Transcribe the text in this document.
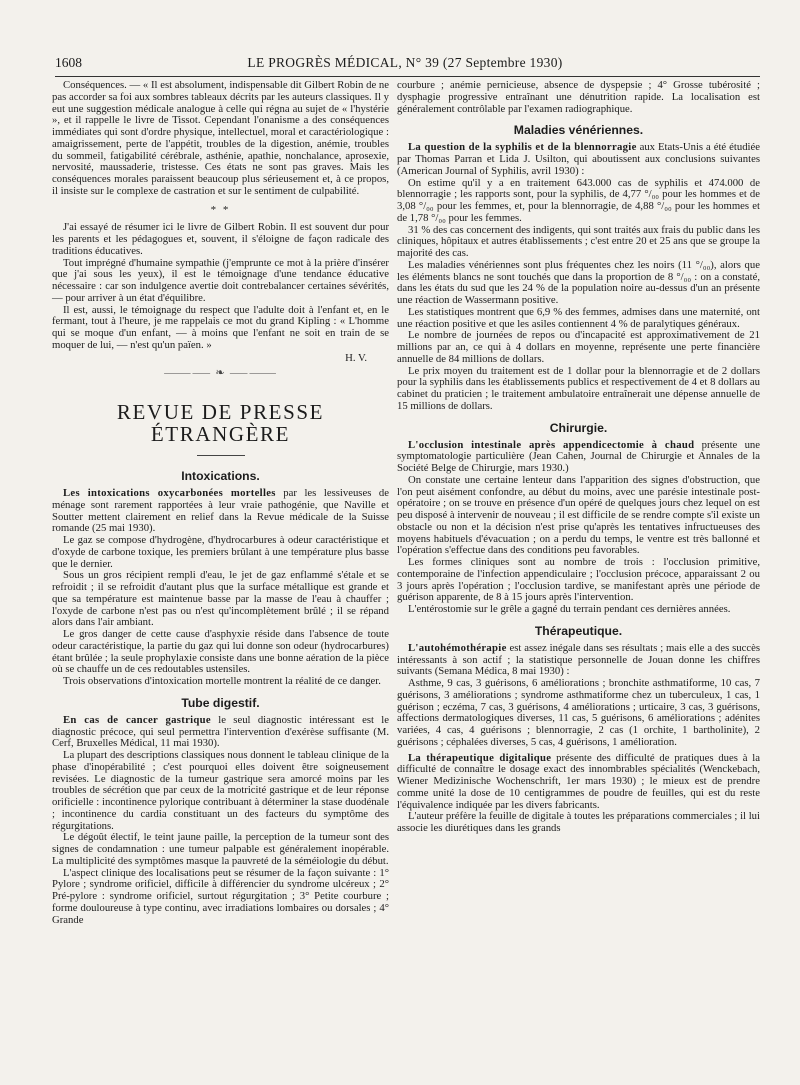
1608	LE PROGRÈS MÉDICAL, N° 39 (27 Septembre 1930)

Conséquences. — « Il est absolument, indispensable dit Gilbert Robin de ne pas accorder sa foi aux sombres tableaux décrits par les auteurs classiques. Il y eut une suggestion médicale analogue à celle qui régna au sujet de « l'hystérie », et il rappelle le livre de Tissot. Cependant l'onanisme a des conséquences immédiates qui sont d'ordre physique, intellectuel, moral et caractériologique : amaigrissement, perte de l'appétit, troubles de la digestion, anémie, troubles du sommeil, fatigabilité cérébrale, asthénie, apathie, nonchalance, aprosexie, nervosité, maussaderie, tristesse. Ces états ne sont pas graves. Mais les conséquences morales paraissent beaucoup plus sérieusement et, à ce propos, il insiste sur le complexe de castration et sur le sentiment de culpabilité.

* *

J'ai essayé de résumer ici le livre de Gilbert Robin. Il est souvent dur pour les parents et les pédagogues et, souvent, il s'éloigne de façon radicale des traditions éducatives.

Tout imprégné d'humaine sympathie (j'emprunte ce mot à la prière d'insérer que j'ai sous les yeux), il est le témoignage d'une tendance éducative nécessaire : car son indulgence avertie doit contrebalancer certaines sévérités, — pour arriver à un état d'équilibre.

Il est, aussi, le témoignage du respect que l'adulte doit à l'enfant et, en le fermant, tout à l'heure, je me rappelais ce mot du grand Kipling : « L'homme qui se moque d'un enfant, — à moins que l'enfant ne soit en train de se moquer de lui, — n'est qu'un païen. »

H. V.
⸻⸺ ❧ ⸺⸻
REVUE DE PRESSE ÉTRANGÈRE
Intoxications.

Les intoxications oxycarbonées mortelles par les lessiveuses de ménage sont rarement rapportées à leur vraie pathogénie, que Naville et Soutter mettent clairement en relief dans la Revue médicale de la Suisse romande (25 mai 1930).

Le gaz se compose d'hydrogène, d'hydrocarbures à odeur caractéristique et d'oxyde de carbone toxique, les premiers brûlant à une température plus basse que le dernier.

Sous un gros récipient rempli d'eau, le jet de gaz enflammé s'étale et se refroidit ; il se refroidit d'autant plus que la surface métallique est grande et que sa température est maintenue basse par la masse de l'eau à chauffer ; l'oxyde de carbone n'est pas ou n'est qu'incomplètement brûlé ; il se répand alors dans l'air ambiant.

Le gros danger de cette cause d'asphyxie réside dans l'absence de toute odeur caractéristique, la partie du gaz qui lui donne son odeur (hydrocarbures) étant brûlée ; la seule prophylaxie consiste dans une bonne aération de la pièce où se chauffe un de ces redoutables ustensiles.

Trois observations d'intoxication mortelle montrent la réalité de ce danger.

Tube digestif.

En cas de cancer gastrique le seul diagnostic intéressant est le diagnostic précoce, qui seul permettra l'intervention d'exérèse suffisante (M. Cerf, Bruxelles Médical, 11 mai 1930).

La plupart des descriptions classiques nous donnent le tableau clinique de la phase d'inopérabilité ; c'est pourquoi elles doivent être soigneusement revisées. Le diagnostic de la tumeur gastrique sera amorcé moins par les troubles de sécrétion que par ceux de la motricité gastrique et de leur réponse orificielle : incontinence pylorique contribuant à déterminer la stase duodénale ; incontinence du cardia constituant un des facteurs du symptôme des régurgitations.

Le dégoût électif, le teint jaune paille, la perception de la tumeur sont des signes de condamnation : une tumeur palpable est généralement inopérable. La multiplicité des symptômes masque la pauvreté de la séméiologie du début.

L'aspect clinique des localisations peut se résumer de la façon suivante : 1° Pylore ; syndrome orificiel, difficile à différencier du syndrome ulcéreux ; 2° Pré-pylore : syndrome orificiel, surtout régurgitation ; 3° Petite courbure ; forme douloureuse à type continu, avec irradiations lombaires ou dorsales ; 4° Grande

courbure ; anémie pernicieuse, absence de dyspepsie ; 4° Grosse tubérosité ; dysphagie progressive entraînant une dénutrition rapide. La localisation est généralement contrôlable par l'examen radiographique.

Maladies vénériennes.

La question de la syphilis et de la blennorragie aux Etats-Unis a été étudiée par Thomas Parran et Lida J. Usilton, qui aboutissent aux conclusions suivantes (American Journal of Syphilis, avril 1930) :

On estime qu'il y a en traitement 643.000 cas de syphilis et 474.000 de blennorragie ; les rapports sont, pour la syphilis, de 4,77 °/₀₀ pour les hommes et de 3,08 °/₀₀ pour les femmes, et, pour la blennorragie, de 4,88 °/₀₀ pour les hommes et de 1,78 °/₀₀ pour les femmes.

31 % des cas concernent des indigents, qui sont traités aux frais du public dans les cliniques, hôpitaux et autres établissements ; c'est entre 20 et 25 ans que se groupe la majorité des cas.

Les maladies vénériennes sont plus fréquentes chez les noirs (11 °/₀₀), alors que les éléments blancs ne sont touchés que dans la proportion de 8 °/₀₀ : on a constaté, dans les états du sud que les 24 % de la population noire au-dessus d'un an présente une réaction de Wassermann positive.

Les statistiques montrent que 6,9 % des femmes, admises dans une maternité, ont une réaction positive et que les asiles contiennent 4 % de paralytiques généraux.

Le nombre de journées de repos ou d'incapacité est approximativement de 21 millions par an, ce qui à 4 dollars en moyenne, représente une perte financière annuelle de 84 millions de dollars.

Le prix moyen du traitement est de 1 dollar pour la blennorragie et de 2 dollars pour la syphilis dans les établissements publics et respectivement de 4 et 8 dollars au cabinet du praticien ; le traitement ambulatoire entraînerait une dépense annuelle de 15 millions de dollars.

Chirurgie.

L'occlusion intestinale après appendicectomie à chaud présente une symptomatologie particulière (Jean Cahen, Journal de Chirurgie et Annales de la Société Belge de Chirurgie, mars 1930.)

On constate une certaine lenteur dans l'apparition des signes d'obstruction, que l'on peut aisément confondre, au début du moins, avec une parésie intestinale post-opératoire ; on se trouve en présence d'un opéré de quelques jours chez lequel on est peu disposé à intervenir de nouveau ; il est difficile de se rendre compte s'il existe un obstacle ou non et la décision n'est prise qu'après les tentatives infructueuses des moyens habituels d'évacuation ; on a perdu du temps, le ventre est très ballonné et l'opération s'effectue dans des conditions peu favorables.

Les formes cliniques sont au nombre de trois : l'occlusion primitive, contemporaine de l'infection appendiculaire ; l'occlusion précoce, apparaissant 2 ou 3 jours après l'opération ; l'occlusion tardive, se manifestant après une période de guérison apparente, de 8 à 15 jours après l'intervention.

L'entérostomie sur le grêle a gagné du terrain pendant ces dernières années.

Thérapeutique.

L'autohémothérapie est assez inégale dans ses résultats ; mais elle a des succès intéressants à son actif ; la statistique personnelle de Jouan donne les chiffres suivants (Semana Médica, 8 mai 1930) :

Asthme, 9 cas, 3 guérisons, 6 améliorations ; bronchite asthmatiforme, 10 cas, 7 guérisons, 3 améliorations ; syndrome asthmatiforme chez un tuberculeux, 1 cas, 1 guérison ; eczéma, 7 cas, 3 guérisons, 4 améliorations ; urticaire, 3 cas, 3 guérisons, affections dermatologiques diverses, 11 cas, 5 guérisons, 6 améliorations ; adénites variées, 4 cas, 4 guérisons ; blennorragie, 2 cas (1 orchite, 1 bartholinite), 2 guérisons ; céphalées diverses, 5 cas, 4 guérisons, 1 amélioration.

La thérapeutique digitalique présente des difficulté de pratiques dues à la difficulté de connaître le dosage exact des innombrables spécialités (Wenckebach, Wiener Medizinische Wochenschrift, 1er mars 1930) ; le mieux est de prendre comme unité la dose de 10 centigrammes de poudre de feuilles, qui est du reste l'équivalence indiquée par les divers fabricants.

L'auteur préfère la feuille de digitale à toutes les préparations commerciales ; il lui associe les diurétiques dans les grands
